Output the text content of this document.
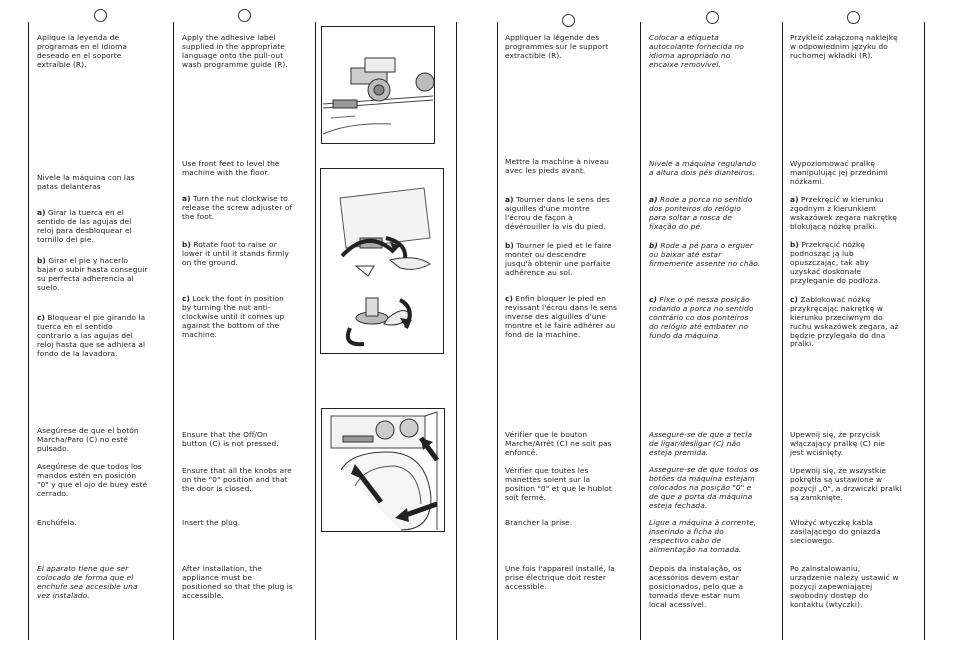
Aplique la leyenda de
programas en el idioma
deseado en el soporte
extraíble (R).
Nivele la máquina con las
patas delanteras
a) Girar la tuerca en el
sentido de las agujas del
reloj para desbloquear el
tornillo del pie.
b) Girar el pie y hacerlo
bajar o subir hasta conseguir
su perfecta adherencia al
suelo.
c) Bloquear el pie girando la
tuerca en el sentido
contrario a las agujas del
reloj hasta que se adhiera al
fondo de la lavadora.
Asegúrese de que el botón
Marcha/Paro (C) no esté
pulsado.
Asegúrese de que todos los
mandos estén en posición
"0" y que el ojo de buey esté
cerrado.
Enchúfela.
El aparato tiene que ser
colocado de forma que el
enchufe sea accesible una
vez instalado.
Apply the adhesive label
supplied in the appropriate
language onto the pull-out
wash programme guide (R).
Use front feet to level the
machine with the floor.
a) Turn the nut clockwise to
release the screw adjuster of
the foot.
b) Rotate foot to raise or
lower it until it stands firmly
on the ground.
c) Lock the foot in position
by turning the nut anti-
clockwise until it comes up
against the bottom of the
machine.
Ensure that the Off/On
button (C) is not pressed.
Ensure that all the knobs are
on the "0" position and that
the door is closed.
Insert the plug.
After installation, the
appliance must be
positioned so that the plug is
accessible.
Appliquer la légende des
programmes sur le support
extractible (R).
Mettre la machine à niveau
avec les pieds avant.
a) Tourner dans le sens des
aiguilles d'une montre
l'écrou de façon à
dévérouiller la vis du pied.
b) Tourner le pied et le faire
monter ou descendre
jusqu'à obtenir une parfaite
adhérence au sol.
c) Enfin bloquer le pied en
revissant l'écrou dans le sens
inverse des aiguilles d'une
montre et le faire adhérer au
fond de la machine.
Vérifier que le bouton
Marche/Arrêt (C) ne soit pas
enfoncé.
Vérifier que toutes les
manettes soient sur la
position "0" et que le hublot
soit fermé.
Brancher la prise.
Une fois l'appareil installé, la
prise électrique doit rester
accessible.
Colocar a etiqueta
autocolante fornecida no
idioma apropriado no
encaixe removível.
Nivele a máquina regulando
a altura dois pés dianteiros.
a) Rode a porca no sentido
dos ponteiros do relógio
para soltar a rosca de
fixação do pé.
b) Rode a pé para o erguer
ou baixar até estar
firmemente assente no chão.
c) Fixe o pé nessa posição
rodando a porca no sentido
contrário co dos ponteiros
do relógio até embater no
fundo da máquina.
Assegure-se de que a tecla
de ligar/desligar (C) não
esteja premida.
Assegure-se de que todos os
botões da máquina estejam
colocados na posição "0" e
de que a porta da máquina
esteja fechada.
Ligue a máquina à corrente,
inserindo a ficha do
respectivo cabo de
alimentação na tomada.
Depois da instalação, os
acessórios devem estar
posicionados, pelo que a
tomada deve estar num
local acessível.
Przykleić załączoną naklejkę
w odpowiednim języku do
ruchomej wkładki (R).
Wypoziomować pralkę
manipulując jej przednimi
nóżkami.
a) Przekręcić w kierunku
zgodnym z kierunkiem
wskazówek zegara nakrętkę
blokującą nóżkę pralki.
b) Przekręcić nóżkę
podnosząc ją lub
opuszczając, tak aby
uzyskać doskonałe
przyleganie do podłoża.
c) Zablokować nóżkę
przykręcając nakrętkę w
kierunku przeciwnym do
ruchu wskazówek zegara, aż
będzie przylegała do dna
pralki.
Upewnij się, że przycisk
włączający pralkę (C) nie
jest wciśnięty.
Upewnij się, że wszystkie
pokrętła są ustawione w
pozycji „0", a drzwiczki pralki
są zamknięte.
Włożyć wtyczkę kabla
zasilającego do gniazda
sieciowego.
Po zainstalowaniu,
urządzenie należy ustawić w
pozycji zapewniającej
swobodny dostęp do
kontaktu (wtyczki).
